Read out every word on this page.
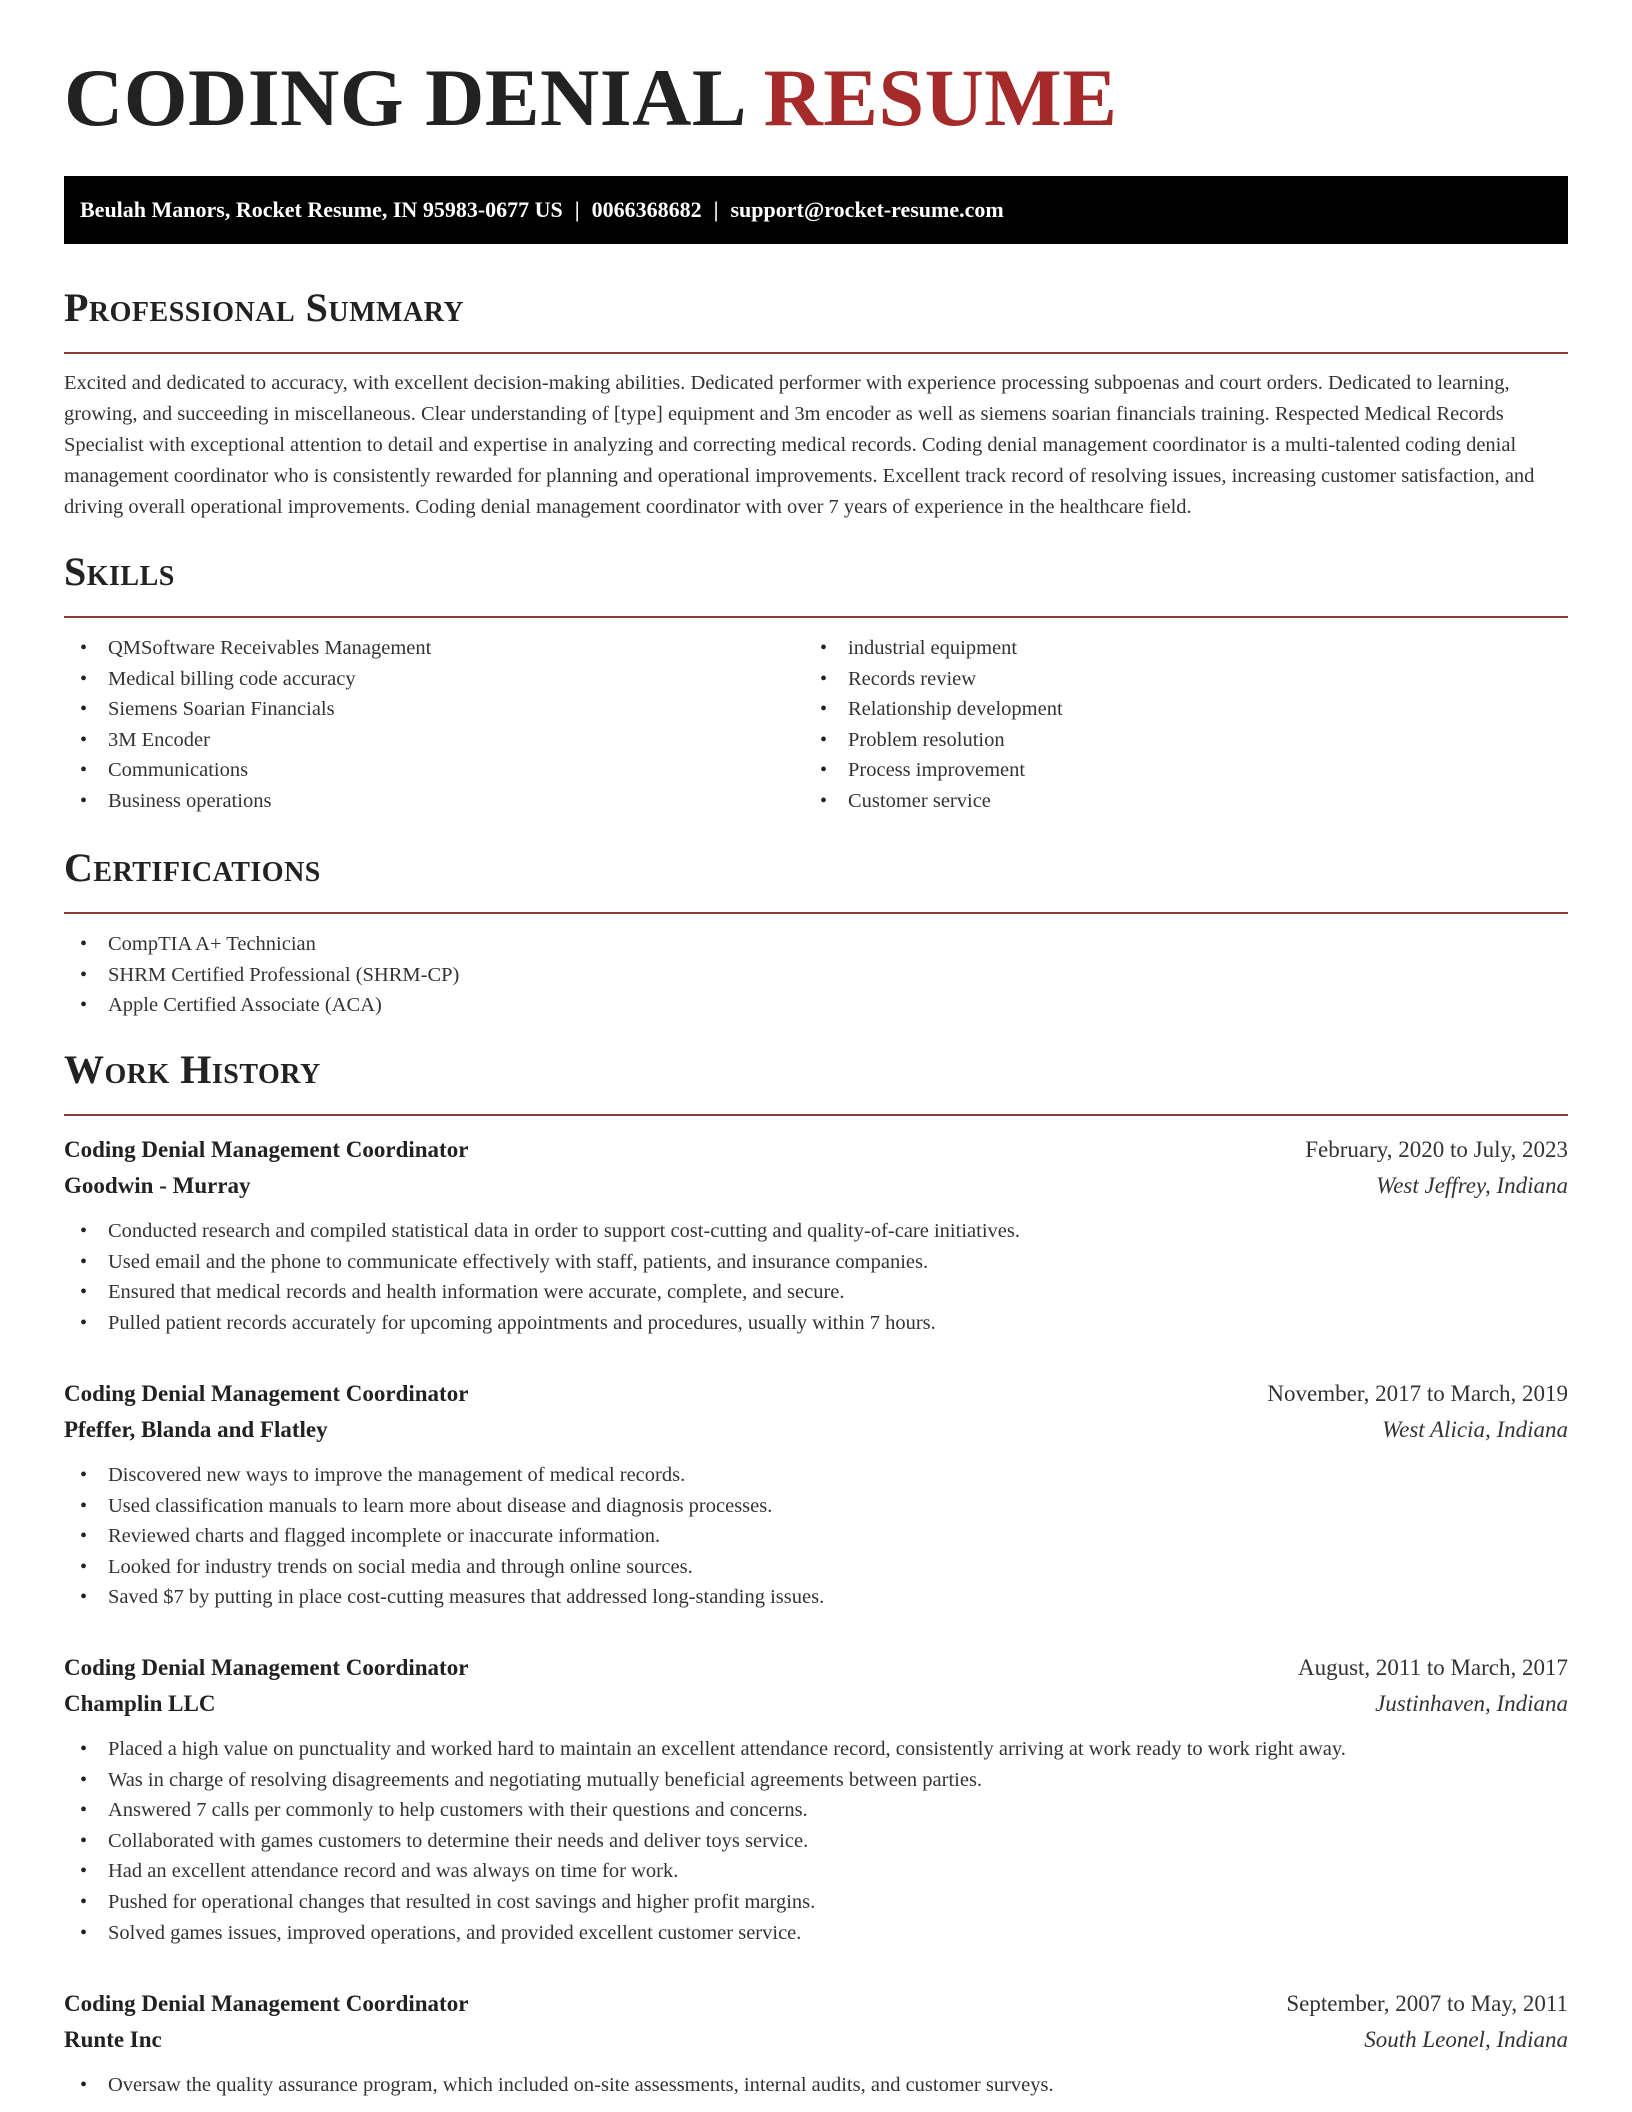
CODING DENIAL RESUME
Beulah Manors, Rocket Resume, IN 95983-0677 US | 0066368682 | support@rocket-resume.com
Professional Summary

Excited and dedicated to accuracy, with excellent decision-making abilities. Dedicated performer with experience processing subpoenas and court orders. Dedicated to learning, growing, and succeeding in miscellaneous. Clear understanding of [type] equipment and 3m encoder as well as siemens soarian financials training. Respected Medical Records Specialist with exceptional attention to detail and expertise in analyzing and correcting medical records. Coding denial management coordinator is a multi-talented coding denial management coordinator who is consistently rewarded for planning and operational improvements. Excellent track record of resolving issues, increasing customer satisfaction, and driving overall operational improvements. Coding denial management coordinator with over 7 years of experience in the healthcare field.

Skills
• QMSoftware Receivables Management
• Medical billing code accuracy
• Siemens Soarian Financials
• 3M Encoder
• Communications
• Business operations
• industrial equipment
• Records review
• Relationship development
• Problem resolution
• Process improvement
• Customer service
Certifications
• CompTIA A+ Technician
• SHRM Certified Professional (SHRM-CP)
• Apple Certified Associate (ACA)
Work History
Coding Denial Management Coordinator	February, 2020 to July, 2023
Goodwin - Murray	West Jeffrey, Indiana
• Conducted research and compiled statistical data in order to support cost-cutting and quality-of-care initiatives.
• Used email and the phone to communicate effectively with staff, patients, and insurance companies.
• Ensured that medical records and health information were accurate, complete, and secure.
• Pulled patient records accurately for upcoming appointments and procedures, usually within 7 hours.
Coding Denial Management Coordinator	November, 2017 to March, 2019
Pfeffer, Blanda and Flatley	West Alicia, Indiana
• Discovered new ways to improve the management of medical records.
• Used classification manuals to learn more about disease and diagnosis processes.
• Reviewed charts and flagged incomplete or inaccurate information.
• Looked for industry trends on social media and through online sources.
• Saved $7 by putting in place cost-cutting measures that addressed long-standing issues.
Coding Denial Management Coordinator	August, 2011 to March, 2017
Champlin LLC	Justinhaven, Indiana
• Placed a high value on punctuality and worked hard to maintain an excellent attendance record, consistently arriving at work ready to work right away.
• Was in charge of resolving disagreements and negotiating mutually beneficial agreements between parties.
• Answered 7 calls per commonly to help customers with their questions and concerns.
• Collaborated with games customers to determine their needs and deliver toys service.
• Had an excellent attendance record and was always on time for work.
• Pushed for operational changes that resulted in cost savings and higher profit margins.
• Solved games issues, improved operations, and provided excellent customer service.
Coding Denial Management Coordinator	September, 2007 to May, 2011
Runte Inc	South Leonel, Indiana
• Oversaw the quality assurance program, which included on-site assessments, internal audits, and customer surveys.
